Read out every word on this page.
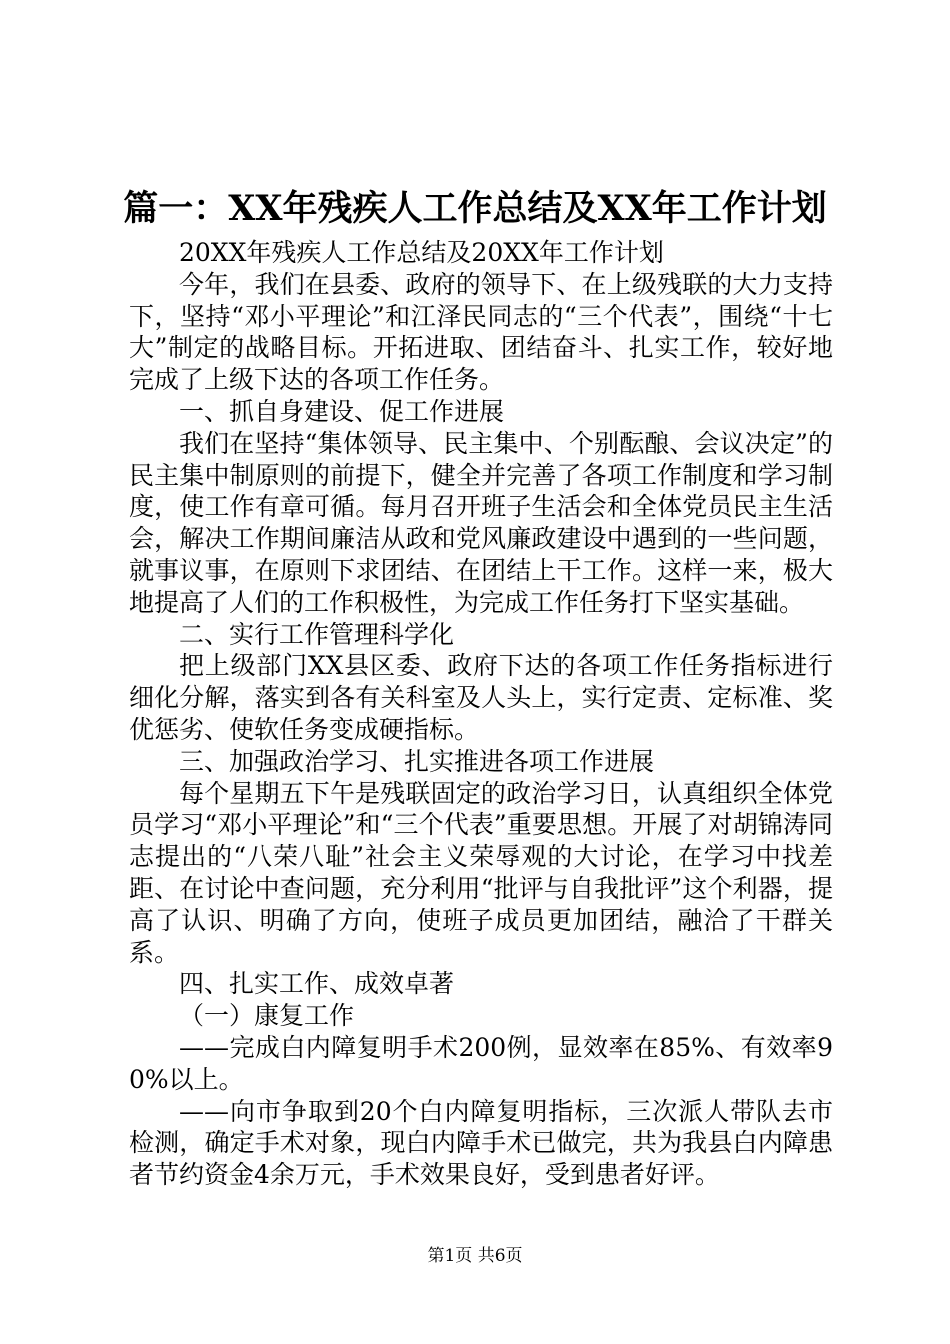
篇一：XX年残疾人工作总结及XX年工作计划

20XX年残疾人工作总结及20XX年工作计划

今年，我们在县委、政府的领导下、在上级残联的大力支持下，坚持“邓小平理论”和江泽民同志的“三个代表”，围绕“十七大”制定的战略目标。开拓进取、团结奋斗、扎实工作，较好地完成了上级下达的各项工作任务。

一、抓自身建设、促工作进展

我们在坚持“集体领导、民主集中、个别酝酿、会议决定”的民主集中制原则的前提下，健全并完善了各项工作制度和学习制度，使工作有章可循。每月召开班子生活会和全体党员民主生活会，解决工作期间廉洁从政和党风廉政建设中遇到的一些问题，就事议事，在原则下求团结、在团结上干工作。这样一来，极大地提高了人们的工作积极性，为完成工作任务打下坚实基础。

二、实行工作管理科学化

把上级部门XX县区委、政府下达的各项工作任务指标进行细化分解，落实到各有关科室及人头上，实行定责、定标准、奖优惩劣、使软任务变成硬指标。

三、加强政治学习、扎实推进各项工作进展

每个星期五下午是残联固定的政治学习日，认真组织全体党员学习“邓小平理论”和“三个代表”重要思想。开展了对胡锦涛同志提出的“八荣八耻”社会主义荣辱观的大讨论，在学习中找差距、在讨论中查问题，充分利用“批评与自我批评”这个利器，提高了认识、明确了方向，使班子成员更加团结，融洽了干群关系。

四、扎实工作、成效卓著

（一）康复工作

——完成白内障复明手术200例，显效率在85%、有效率90%以上。

——向市争取到20个白内障复明指标，三次派人带队去市检测，确定手术对象，现白内障手术已做完，共为我县白内障患者节约资金4余万元，手术效果良好，受到患者好评。

第1页 共6页
